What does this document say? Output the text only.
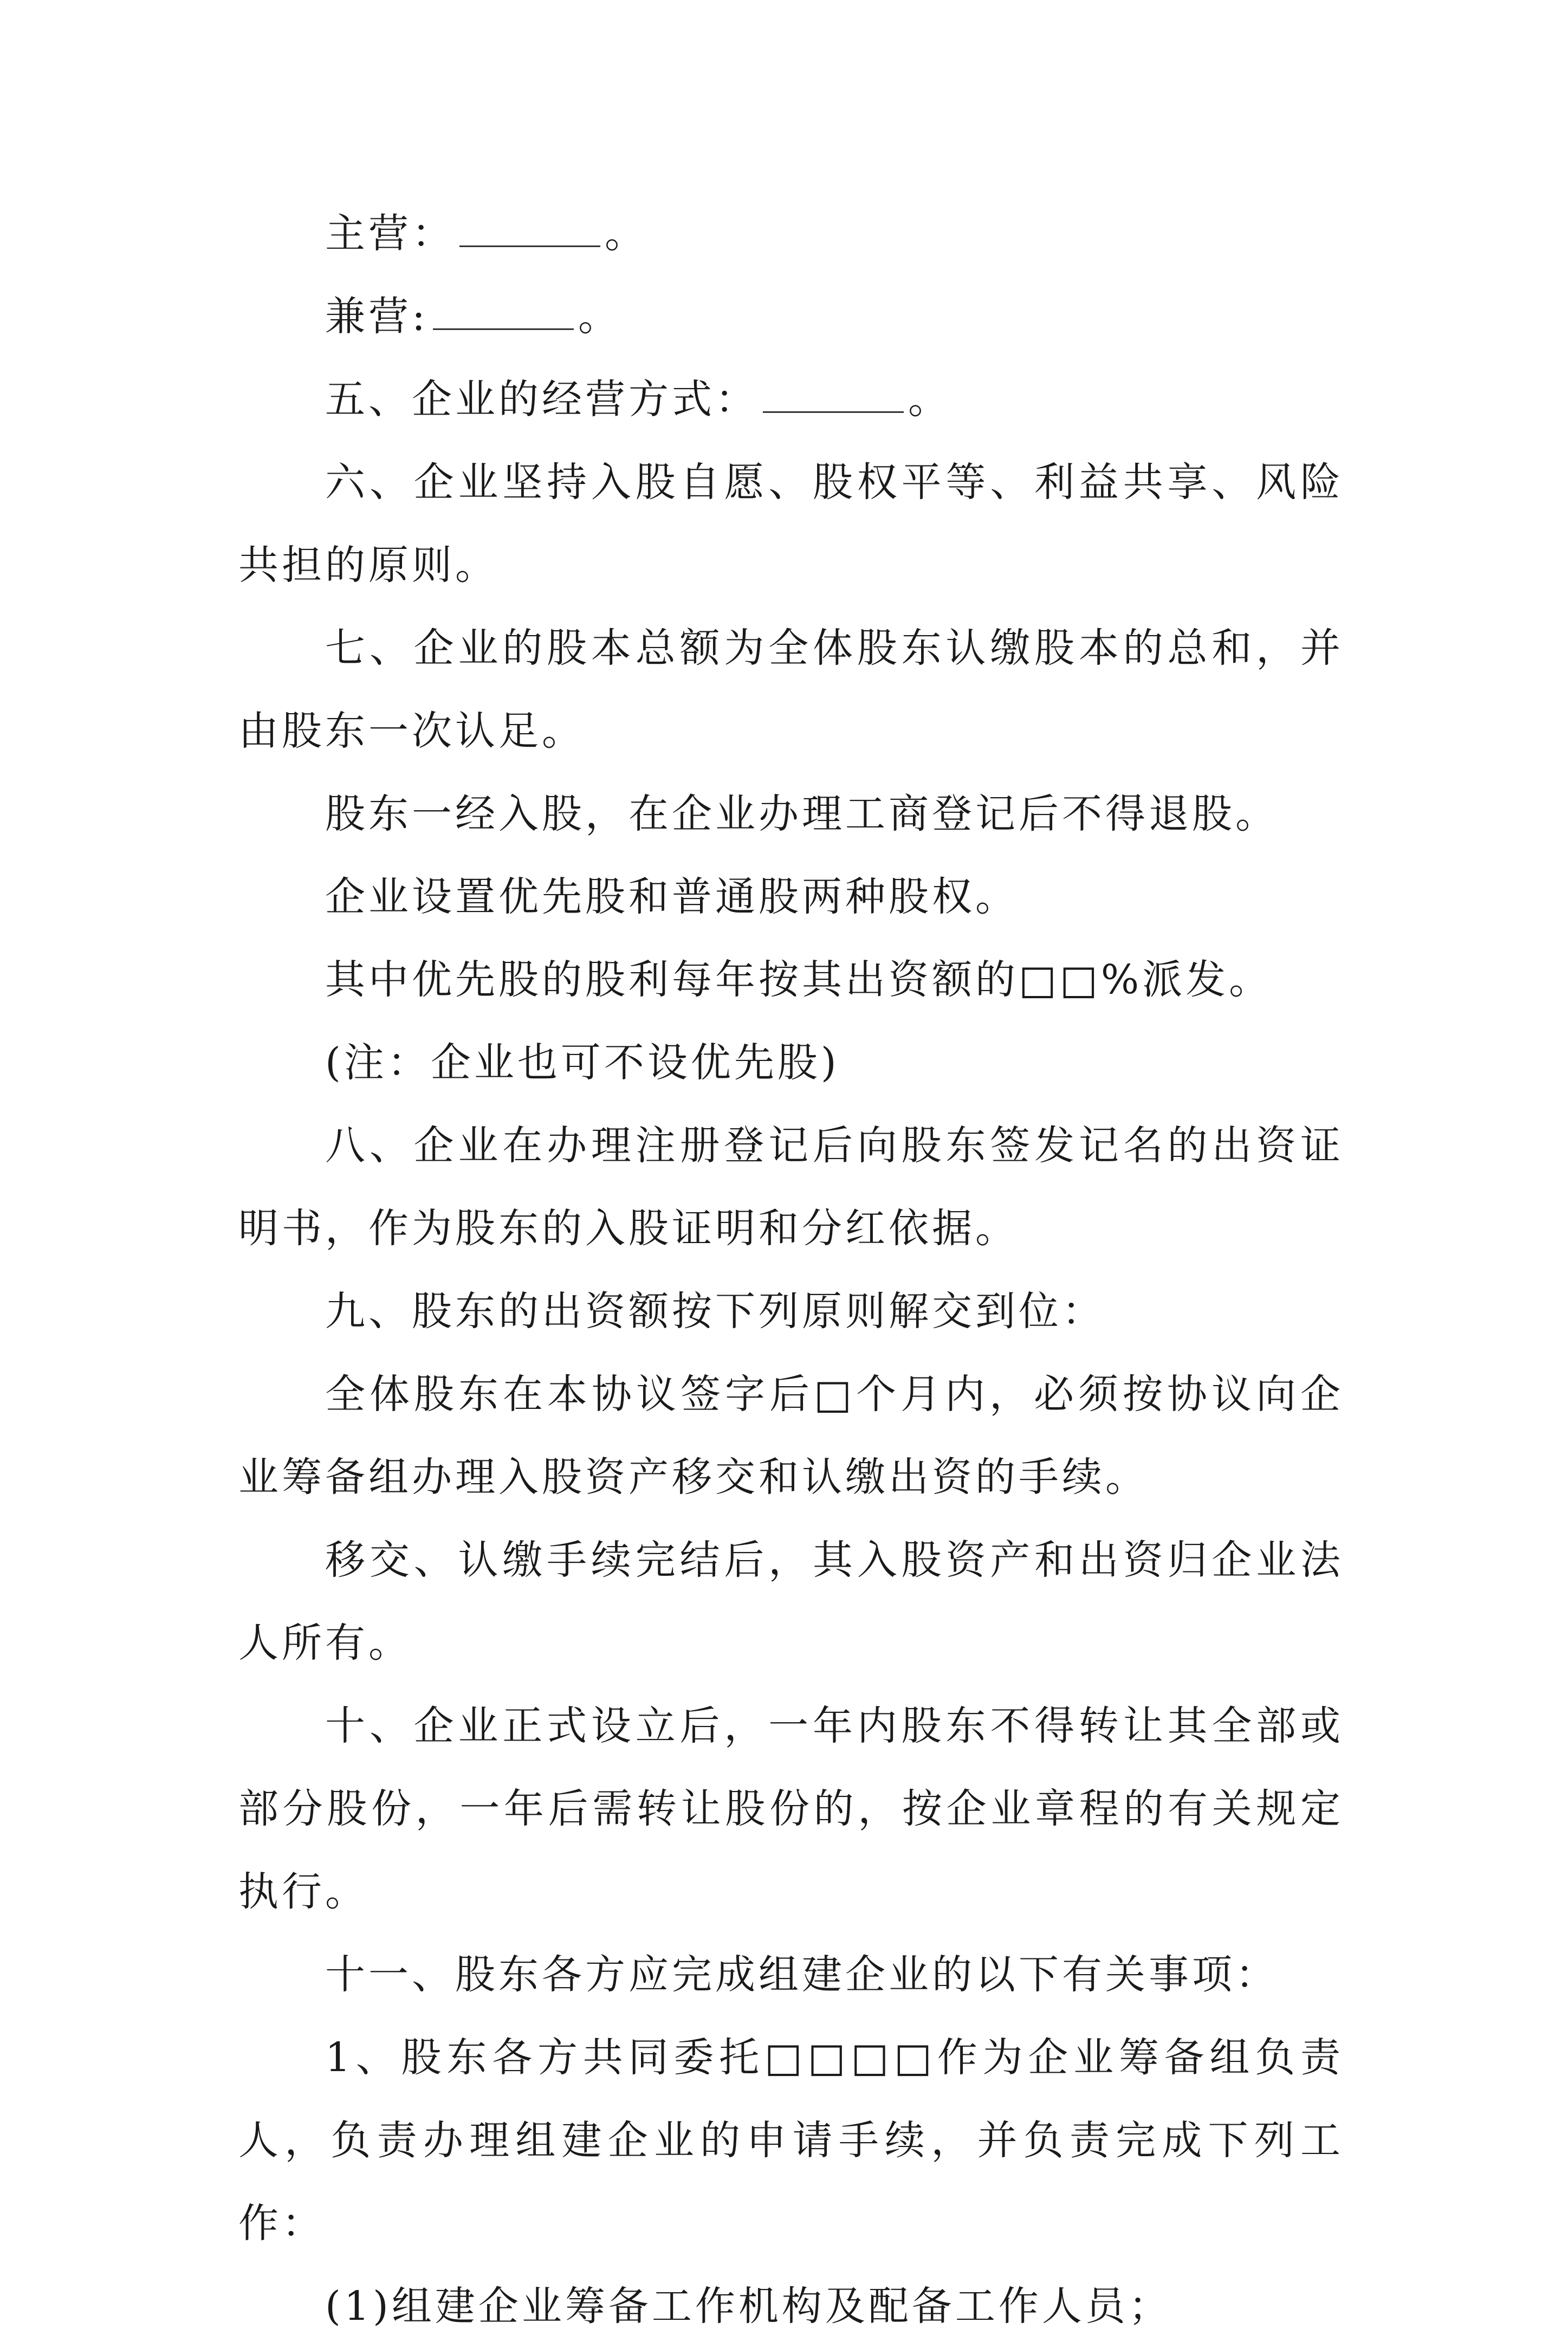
主营：	。

兼营:	。

五、企业的经营方式：	。

六、企业坚持入股自愿、股权平等、利益共享、风险共担的原则。

七、企业的股本总额为全体股东认缴股本的总和，并由股东一次认足。

股东一经入股，在企业办理工商登记后不得退股。

企业设置优先股和普通股两种股权。

其中优先股的股利每年按其出资额的□□%派发。

(注：企业也可不设优先股)

八、企业在办理注册登记后向股东签发记名的出资证明书，作为股东的入股证明和分红依据。

九、股东的出资额按下列原则解交到位：

全体股东在本协议签字后□个月内，必须按协议向企业筹备组办理入股资产移交和认缴出资的手续。

移交、认缴手续完结后，其入股资产和出资归企业法人所有。

十、企业正式设立后，一年内股东不得转让其全部或部分股份，一年后需转让股份的，按企业章程的有关规定执行。

十一、股东各方应完成组建企业的以下有关事项：

1、股东各方共同委托□□□□作为企业筹备组负责人，负责办理组建企业的申请手续，并负责完成下列工作：

(1)组建企业筹备工作机构及配备工作人员；
